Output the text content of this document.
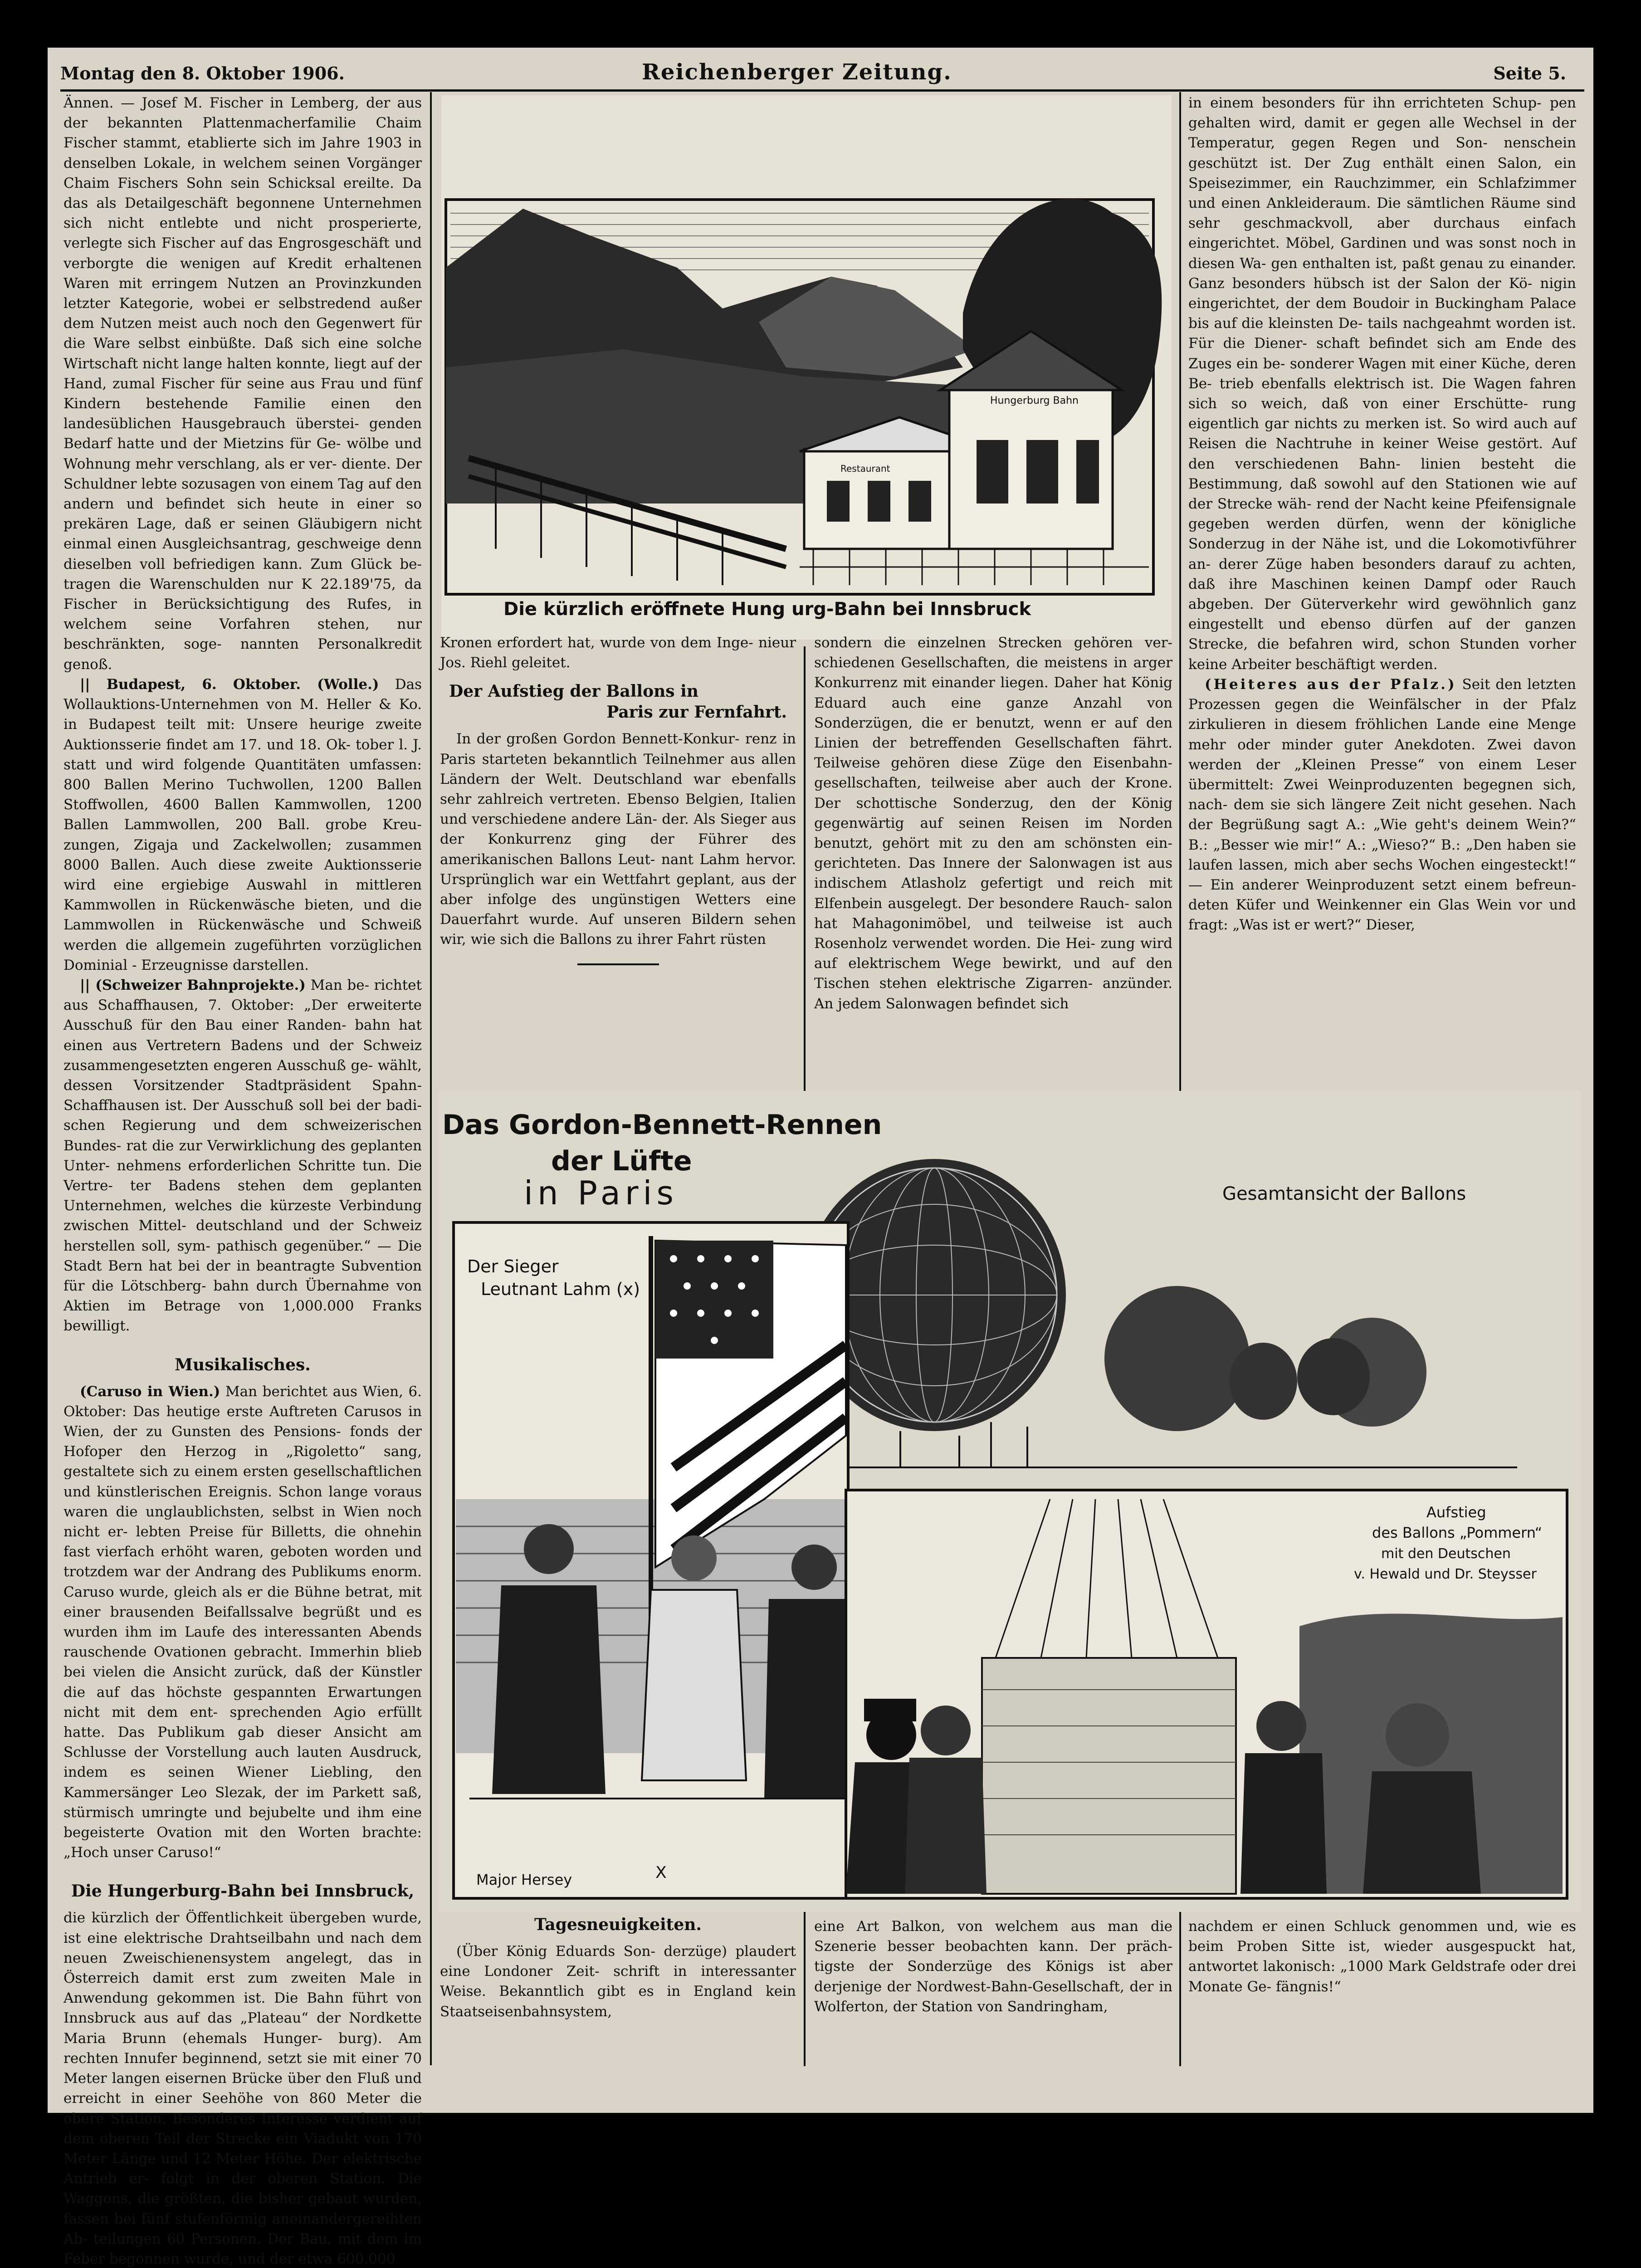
Montag den 8. Oktober 1906.	Reichenberger Zeitung.	Seite 5.

Ännen. — Josef M. Fischer in Lemberg, der aus der bekannten Plattenmacherfamilie Chaim Fischer stammt, etablierte sich im Jahre 1903 in denselben Lokale, in welchem seinen Vorgänger Chaim Fischers Sohn sein Schicksal ereilte. Da das als Detailgeschäft begonnene Unternehmen sich nicht entlebte und nicht prosperierte, verlegte sich Fischer auf das Engrosgeschäft und verborgte die wenigen auf Kredit erhaltenen Waren mit erringem Nutzen an Provinzkunden letzter Kategorie, wobei er selbstredend außer dem Nutzen meist auch noch den Gegenwert für die Ware selbst einbüßte. Daß sich eine solche Wirtschaft nicht lange halten konnte, liegt auf der Hand, zumal Fischer für seine aus Frau und fünf Kindern bestehende Familie einen den landesüblichen Hausgebrauch überstei- genden Bedarf hatte und der Mietzins für Ge- wölbe und Wohnung mehr verschlang, als er ver- diente. Der Schuldner lebte sozusagen von einem Tag auf den andern und befindet sich heute in einer so prekären Lage, daß er seinen Gläubigern nicht einmal einen Ausgleichsantrag, geschweige denn dieselben voll befriedigen kann. Zum Glück be- tragen die Warenschulden nur K 22.189'75, da Fischer in Berücksichtigung des Rufes, in welchem seine Vorfahren stehen, nur beschränkten, soge- nannten Personalkredit genoß.

|| Budapest, 6. Oktober. (Wolle.) Das Wollauktions-Unternehmen von M. Heller & Ko. in Budapest teilt mit: Unsere heurige zweite Auktionsserie findet am 17. und 18. Ok- tober l. J. statt und wird folgende Quantitäten umfassen: 800 Ballen Merino Tuchwollen, 1200 Ballen Stoffwollen, 4600 Ballen Kammwollen, 1200 Ballen Lammwollen, 200 Ball. grobe Kreu- zungen, Zigaja und Zackelwollen; zusammen 8000 Ballen. Auch diese zweite Auktionsserie wird eine ergiebige Auswahl in mittleren Kammwollen in Rückenwäsche bieten, und die Lammwollen in Rückenwäsche und Schweiß werden die allgemein zugeführten vorzüglichen Dominial - Erzeugnisse darstellen.

|| (Schweizer Bahnprojekte.) Man be- richtet aus Schaffhausen, 7. Oktober: „Der erweiterte Ausschuß für den Bau einer Randen- bahn hat einen aus Vertretern Badens und der Schweiz zusammengesetzten engeren Ausschuß ge- wählt, dessen Vorsitzender Stadtpräsident Spahn- Schaffhausen ist. Der Ausschuß soll bei der badi- schen Regierung und dem schweizerischen Bundes- rat die zur Verwirklichung des geplanten Unter- nehmens erforderlichen Schritte tun. Die Vertre- ter Badens stehen dem geplanten Unternehmen, welches die kürzeste Verbindung zwischen Mittel- deutschland und der Schweiz herstellen soll, sym- pathisch gegenüber.“ — Die Stadt Bern hat bei der in beantragte Subvention für die Lötschberg- bahn durch Übernahme von Aktien im Betrage von 1,000.000 Franks bewilligt.

Musikalisches.

(Caruso in Wien.) Man berichtet aus Wien, 6. Oktober: Das heutige erste Auftreten Carusos in Wien, der zu Gunsten des Pensions- fonds der Hofoper den Herzog in „Rigoletto“ sang, gestaltete sich zu einem ersten gesellschaftlichen und künstlerischen Ereignis. Schon lange voraus waren die unglaublichsten, selbst in Wien noch nicht er- lebten Preise für Billetts, die ohnehin fast vierfach erhöht waren, geboten worden und trotzdem war der Andrang des Publikums enorm. Caruso wurde, gleich als er die Bühne betrat, mit einer brausenden Beifallssalve begrüßt und es wurden ihm im Laufe des interessanten Abends rauschende Ovationen gebracht. Immerhin blieb bei vielen die Ansicht zurück, daß der Künstler die auf das höchste gespannten Erwartungen nicht mit dem ent- sprechenden Agio erfüllt hatte. Das Publikum gab dieser Ansicht am Schlusse der Vorstellung auch lauten Ausdruck, indem es seinen Wiener Liebling, den Kammersänger Leo Slezak, der im Parkett saß, stürmisch umringte und bejubelte und ihm eine begeisterte Ovation mit den Worten brachte: „Hoch unser Caruso!“

Die Hungerburg-Bahn bei Innsbruck,

die kürzlich der Öffentlichkeit übergeben wurde, ist eine elektrische Drahtseilbahn und nach dem neuen Zweischienensystem angelegt, das in Österreich damit erst zum zweiten Male in Anwendung gekommen ist. Die Bahn führt von Innsbruck aus auf das „Plateau“ der Nordkette Maria Brunn (ehemals Hunger- burg). Am rechten Innufer beginnend, setzt sie mit einer 70 Meter langen eisernen Brücke über den Fluß und erreicht in einer Seehöhe von 860 Meter die obere Station. Besonderes Interesse verdient auf dem oberen Teil der Strecke ein Viadukt von 170 Meter Länge und 12 Meter Höhe. Der elektrische Antrieb er- folgt in der oberen Station. Die Waggons, die größten, die bisher gebaut wurden, fassen bei fünf stufenförmig aneinandergereihten Ab- teilungen 60 Personen. Der Bau, mit dem im Feber begonnen wurde, und der etwa 600.000

Hungerburg Bahn
Restaurant
Die kürzlich eröffnete Hung urg-Bahn bei Innsbruck

Kronen erfordert hat, wurde von dem Inge- nieur Jos. Riehl geleitet.

Der Aufstieg der Ballons in
Paris zur Fernfahrt.

In der großen Gordon Bennett-Konkur- renz in Paris starteten bekanntlich Teilnehmer aus allen Ländern der Welt. Deutschland war ebenfalls sehr zahlreich vertreten. Ebenso Belgien, Italien und verschiedene andere Län- der. Als Sieger aus der Konkurrenz ging der Führer des amerikanischen Ballons Leut- nant Lahm hervor. Ursprünglich war ein Wettfahrt geplant, aus der aber infolge des ungünstigen Wetters eine Dauerfahrt wurde. Auf unseren Bildern sehen wir, wie sich die Ballons zu ihrer Fahrt rüsten

sondern die einzelnen Strecken gehören ver- schiedenen Gesellschaften, die meistens in arger Konkurrenz mit einander liegen. Daher hat König Eduard auch eine ganze Anzahl von Sonderzügen, die er benutzt, wenn er auf den Linien der betreffenden Gesellschaften fährt. Teilweise gehören diese Züge den Eisenbahn- gesellschaften, teilweise aber auch der Krone. Der schottische Sonderzug, den der König gegenwärtig auf seinen Reisen im Norden benutzt, gehört mit zu den am schönsten ein- gerichteten. Das Innere der Salonwagen ist aus indischem Atlasholz gefertigt und reich mit Elfenbein ausgelegt. Der besondere Rauch- salon hat Mahagonimöbel, und teilweise ist auch Rosenholz verwendet worden. Die Hei- zung wird auf elektrischem Wege bewirkt, und auf den Tischen stehen elektrische Zigarren- anzünder. An jedem Salonwagen befindet sich

in einem besonders für ihn errichteten Schup- pen gehalten wird, damit er gegen alle Wechsel in der Temperatur, gegen Regen und Son- nenschein geschützt ist. Der Zug enthält einen Salon, ein Speisezimmer, ein Rauchzimmer, ein Schlafzimmer und einen Ankleideraum. Die sämtlichen Räume sind sehr geschmackvoll, aber durchaus einfach eingerichtet. Möbel, Gardinen und was sonst noch in diesen Wa- gen enthalten ist, paßt genau zu einander. Ganz besonders hübsch ist der Salon der Kö- nigin eingerichtet, der dem Boudoir in Buckingham Palace bis auf die kleinsten De- tails nachgeahmt worden ist. Für die Diener- schaft befindet sich am Ende des Zuges ein be- sonderer Wagen mit einer Küche, deren Be- trieb ebenfalls elektrisch ist. Die Wagen fahren sich so weich, daß von einer Erschütte- rung eigentlich gar nichts zu merken ist. So wird auch auf Reisen die Nachtruhe in keiner Weise gestört. Auf den verschiedenen Bahn- linien besteht die Bestimmung, daß sowohl auf den Stationen wie auf der Strecke wäh- rend der Nacht keine Pfeifensignale gegeben werden dürfen, wenn der königliche Sonderzug in der Nähe ist, und die Lokomotivführer an- derer Züge haben besonders darauf zu achten, daß ihre Maschinen keinen Dampf oder Rauch abgeben. Der Güterverkehr wird gewöhnlich ganz eingestellt und ebenso dürfen auf der ganzen Strecke, die befahren wird, schon Stunden vorher keine Arbeiter beschäftigt werden.

(Heiteres aus der Pfalz.) Seit den letzten Prozessen gegen die Weinfälscher in der Pfalz zirkulieren in diesem fröhlichen Lande eine Menge mehr oder minder guter Anekdoten. Zwei davon werden der „Kleinen Presse“ von einem Leser übermittelt: Zwei Weinproduzenten begegnen sich, nach- dem sie sich längere Zeit nicht gesehen. Nach der Begrüßung sagt A.: „Wie geht's deinem Wein?“ B.: „Besser wie mir!“ A.: „Wieso?“ B.: „Den haben sie laufen lassen, mich aber sechs Wochen eingesteckt!“ — Ein anderer Weinproduzent setzt einem befreun- deten Küfer und Weinkenner ein Glas Wein vor und fragt: „Was ist er wert?“ Dieser,

Das Gordon-Bennett-Rennen
der Lüfte
in Paris	Gesamtansicht der Ballons
Der Sieger
Leutnant Lahm (x)
Major Hersey	X
Aufstieg
des Ballons „Pommern“
mit den Deutschen
v. Hewald und Dr. Steysser
Tagesneuigkeiten.

(Über König Eduards Son- derzüge) plaudert eine Londoner Zeit- schrift in interessanter Weise. Bekanntlich gibt es in England kein Staatseisenbahnsystem,

eine Art Balkon, von welchem aus man die Szenerie besser beobachten kann. Der präch- tigste der Sonderzüge des Königs ist aber derjenige der Nordwest-Bahn-Gesellschaft, der in Wolferton, der Station von Sandringham,

nachdem er einen Schluck genommen und, wie es beim Proben Sitte ist, wieder ausgespuckt hat, antwortet lakonisch: „1000 Mark Geldstrafe oder drei Monate Ge- fängnis!“
